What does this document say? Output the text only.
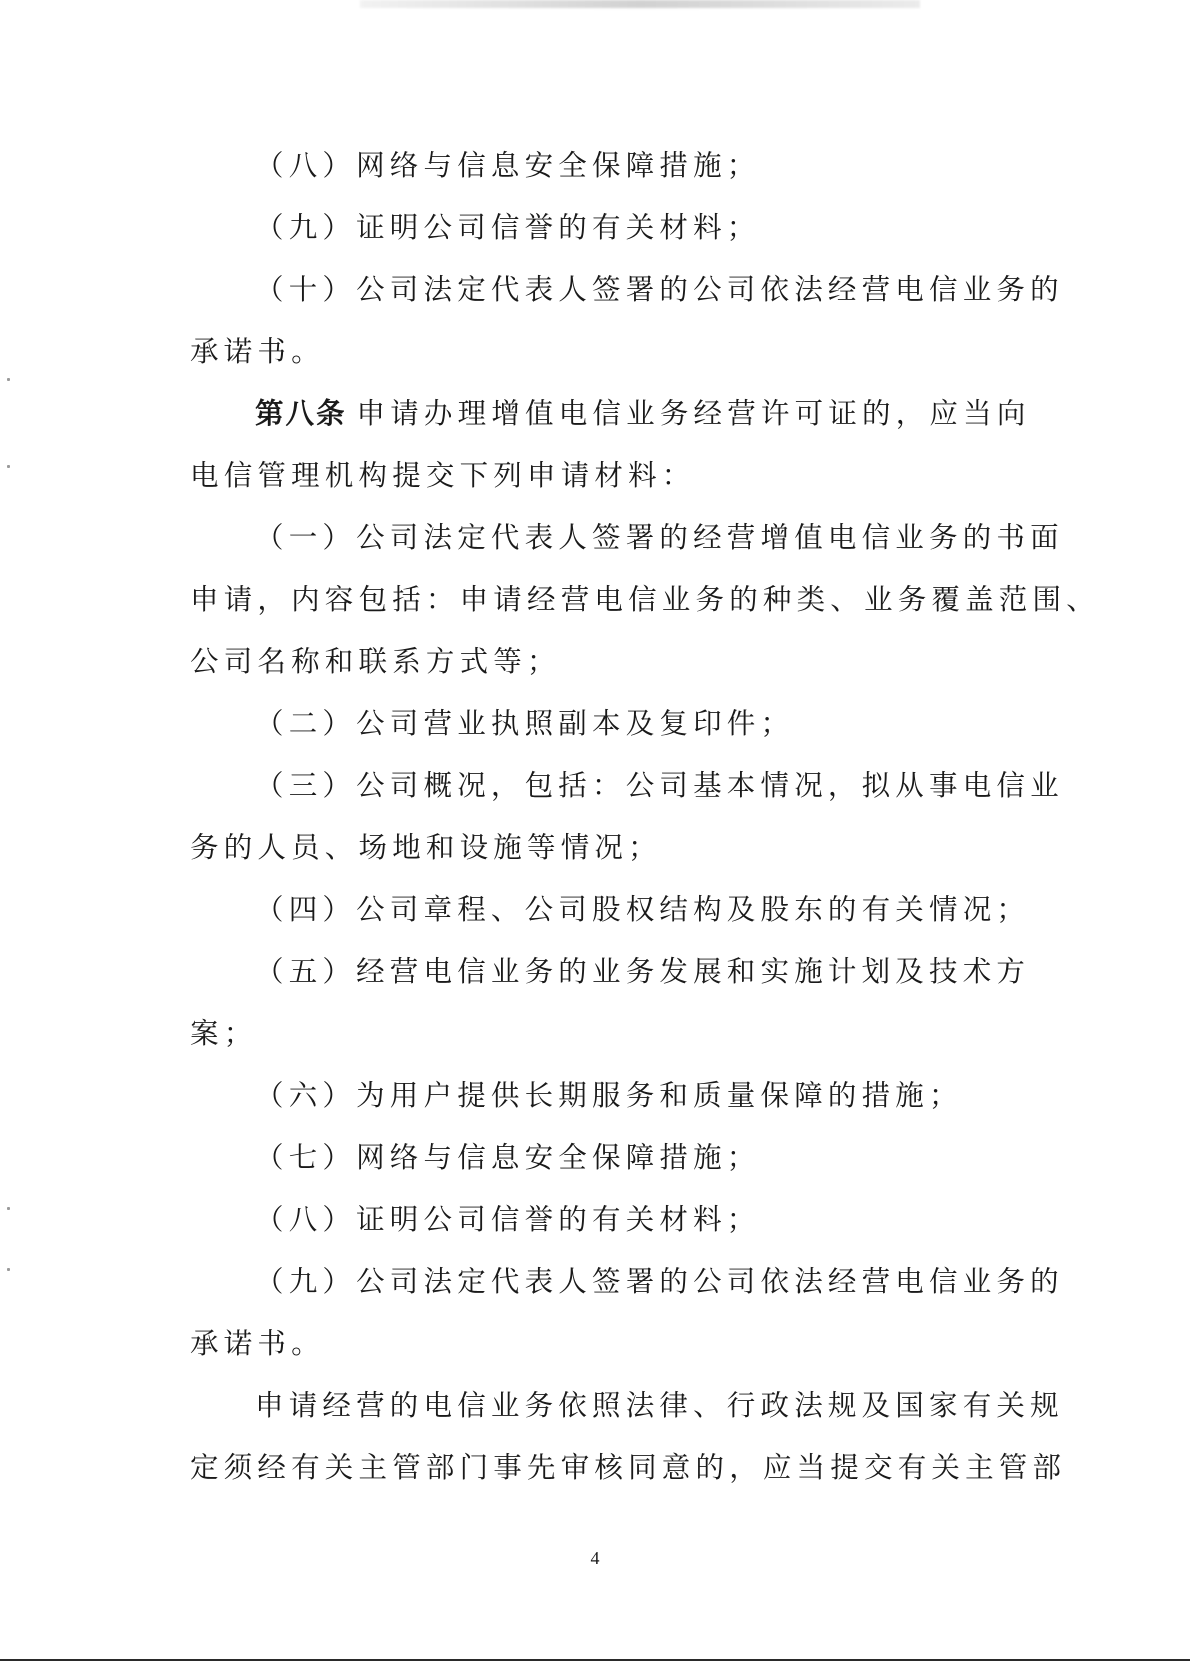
（八）网络与信息安全保障措施；
（九）证明公司信誉的有关材料；
（十）公司法定代表人签署的公司依法经营电信业务的
承诺书。
第八条 申请办理增值电信业务经营许可证的，应当向
电信管理机构提交下列申请材料：
（一）公司法定代表人签署的经营增值电信业务的书面
申请，内容包括：申请经营电信业务的种类、业务覆盖范围、
公司名称和联系方式等；
（二）公司营业执照副本及复印件；
（三）公司概况，包括：公司基本情况，拟从事电信业
务的人员、场地和设施等情况；
（四）公司章程、公司股权结构及股东的有关情况；
（五）经营电信业务的业务发展和实施计划及技术方
案；
（六）为用户提供长期服务和质量保障的措施；
（七）网络与信息安全保障措施；
（八）证明公司信誉的有关材料；
（九）公司法定代表人签署的公司依法经营电信业务的
承诺书。
申请经营的电信业务依照法律、行政法规及国家有关规
定须经有关主管部门事先审核同意的，应当提交有关主管部
4
